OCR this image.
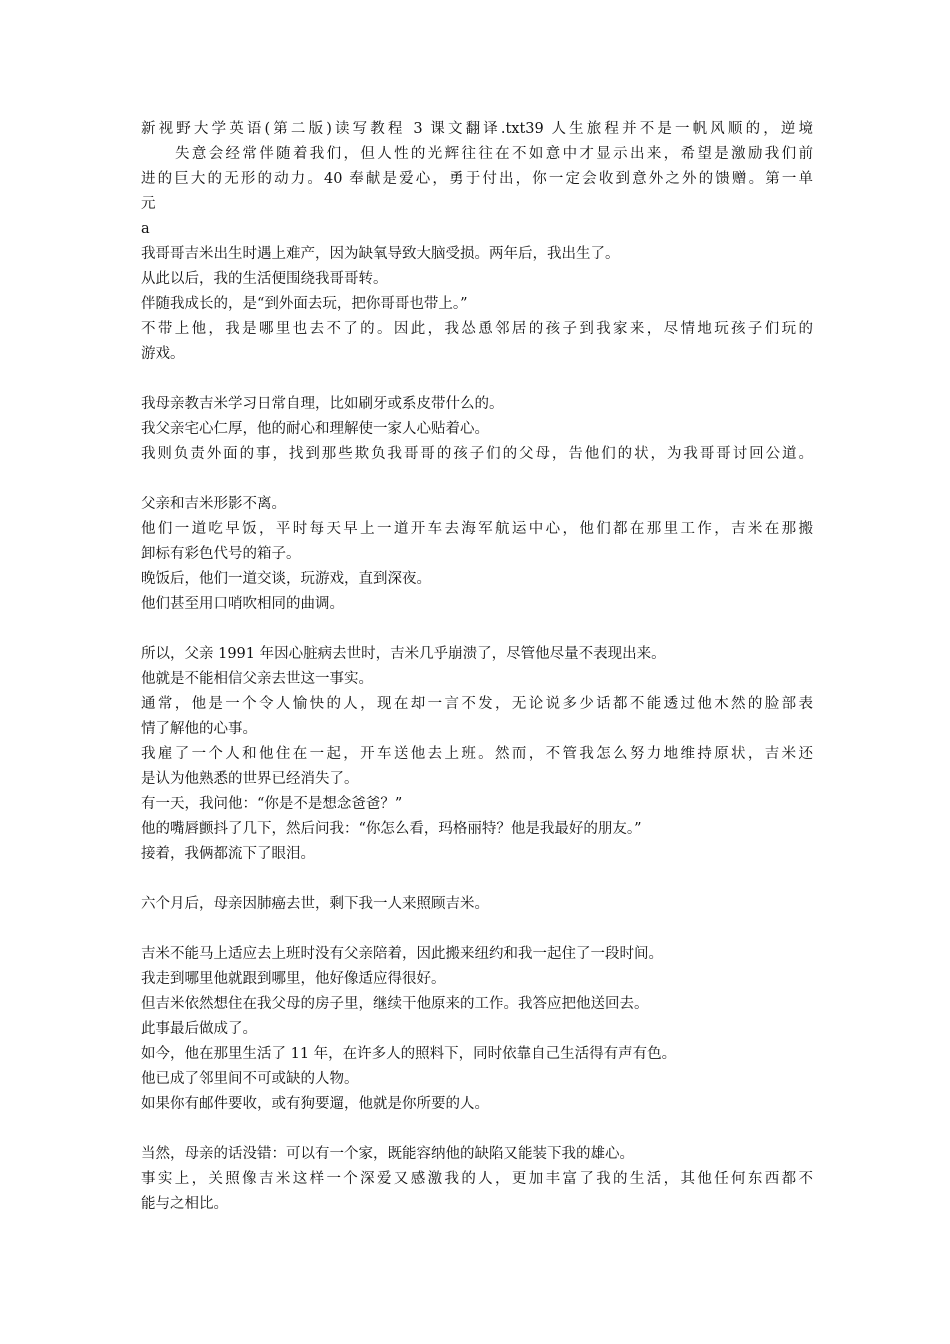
新视野大学英语(第二版)读写教程 3 课文翻译.txt39 人生旅程并不是一帆风顺的，逆境
失意会经常伴随着我们，但人性的光辉往往在不如意中才显示出来，希望是激励我们前
进的巨大的无形的动力。40 奉献是爱心，勇于付出，你一定会收到意外之外的馈赠。第一单
元
a
我哥哥吉米出生时遇上难产，因为缺氧导致大脑受损。两年后，我出生了。
从此以后，我的生活便围绕我哥哥转。
伴随我成长的，是“到外面去玩，把你哥哥也带上。”
不带上他，我是哪里也去不了的。因此，我怂恿邻居的孩子到我家来，尽情地玩孩子们玩的
游戏。
我母亲教吉米学习日常自理，比如刷牙或系皮带什么的。
我父亲宅心仁厚，他的耐心和理解使一家人心贴着心。
我则负责外面的事，找到那些欺负我哥哥的孩子们的父母，告他们的状，为我哥哥讨回公道。
父亲和吉米形影不离。
他们一道吃早饭，平时每天早上一道开车去海军航运中心，他们都在那里工作，吉米在那搬
卸标有彩色代号的箱子。
晚饭后，他们一道交谈，玩游戏，直到深夜。
他们甚至用口哨吹相同的曲调。
所以，父亲 1991 年因心脏病去世时，吉米几乎崩溃了，尽管他尽量不表现出来。
他就是不能相信父亲去世这一事实。
通常，他是一个令人愉快的人，现在却一言不发，无论说多少话都不能透过他木然的脸部表
情了解他的心事。
我雇了一个人和他住在一起，开车送他去上班。然而，不管我怎么努力地维持原状，吉米还
是认为他熟悉的世界已经消失了。
有一天，我问他：“你是不是想念爸爸？”
他的嘴唇颤抖了几下，然后问我：“你怎么看，玛格丽特？他是我最好的朋友。”
接着，我俩都流下了眼泪。
六个月后，母亲因肺癌去世，剩下我一人来照顾吉米。
吉米不能马上适应去上班时没有父亲陪着，因此搬来纽约和我一起住了一段时间。
我走到哪里他就跟到哪里，他好像适应得很好。
但吉米依然想住在我父母的房子里，继续干他原来的工作。我答应把他送回去。
此事最后做成了。
如今，他在那里生活了 11 年，在许多人的照料下，同时依靠自己生活得有声有色。
他已成了邻里间不可或缺的人物。
如果你有邮件要收，或有狗要遛，他就是你所要的人。
当然，母亲的话没错：可以有一个家，既能容纳他的缺陷又能装下我的雄心。
事实上，关照像吉米这样一个深爱又感激我的人，更加丰富了我的生活，其他任何东西都不
能与之相比。
